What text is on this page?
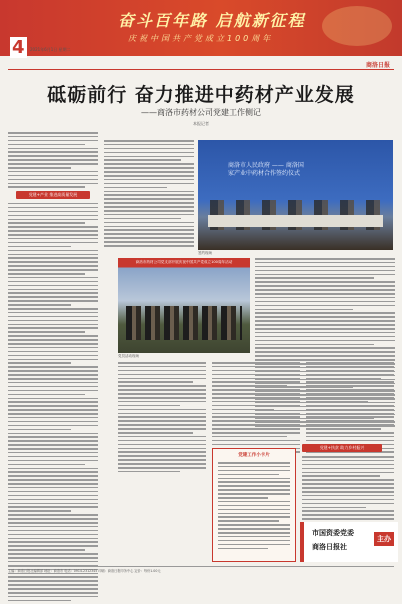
奋斗百年路 启航新征程
庆祝中国共产党成立100周年
4	2021年6月1日 星期二
商洛日报
砥砺前行 奋力推进中药材产业发展
——商洛市药材公司党建工作侧记
本报记者
党建+产业 推进高质量发展
商洛市人民政府 —— 商洛国
家产业中药材合作签约仪式
签约现场
商洛市药材公司党支部开展庆祝中国共产党成立100周年活动
党员活动现场
党建工作小卡片
党建+扶贫 助力乡村振兴
市国资委党委
商洛日报社
主办
主编：商洛日报社编辑部 地址：商洛市 电话：0914-2312345 印刷：商洛日报印务中心 定价：每份1.00元
